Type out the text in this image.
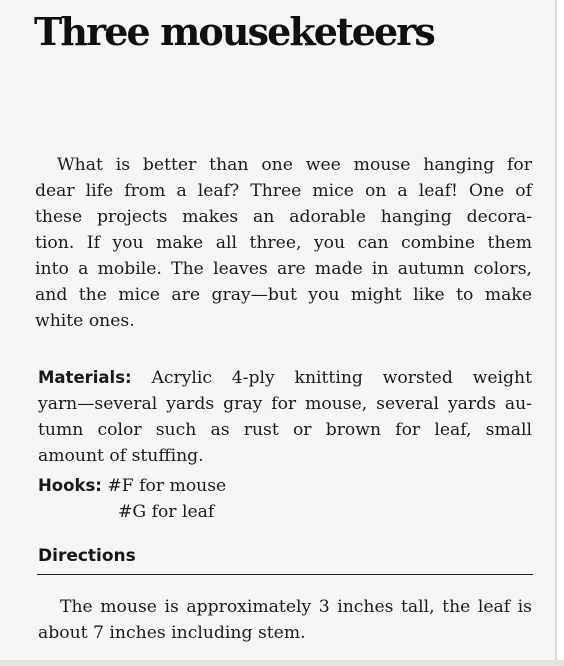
Three mouseketeers
What is better than one wee mouse hanging for
dear life from a leaf? Three mice on a leaf! One of
these projects makes an adorable hanging decora-
tion. If you make all three, you can combine them
into a mobile. The leaves are made in autumn colors,
and the mice are gray—but you might like to make
white ones.
Materials: Acrylic 4-ply knitting worsted weight
yarn—several yards gray for mouse, several yards au-
tumn color such as rust or brown for leaf, small
amount of stuffing.
Hooks: #F for mouse
#G for leaf
Directions
The mouse is approximately 3 inches tall, the leaf is
about 7 inches including stem.
